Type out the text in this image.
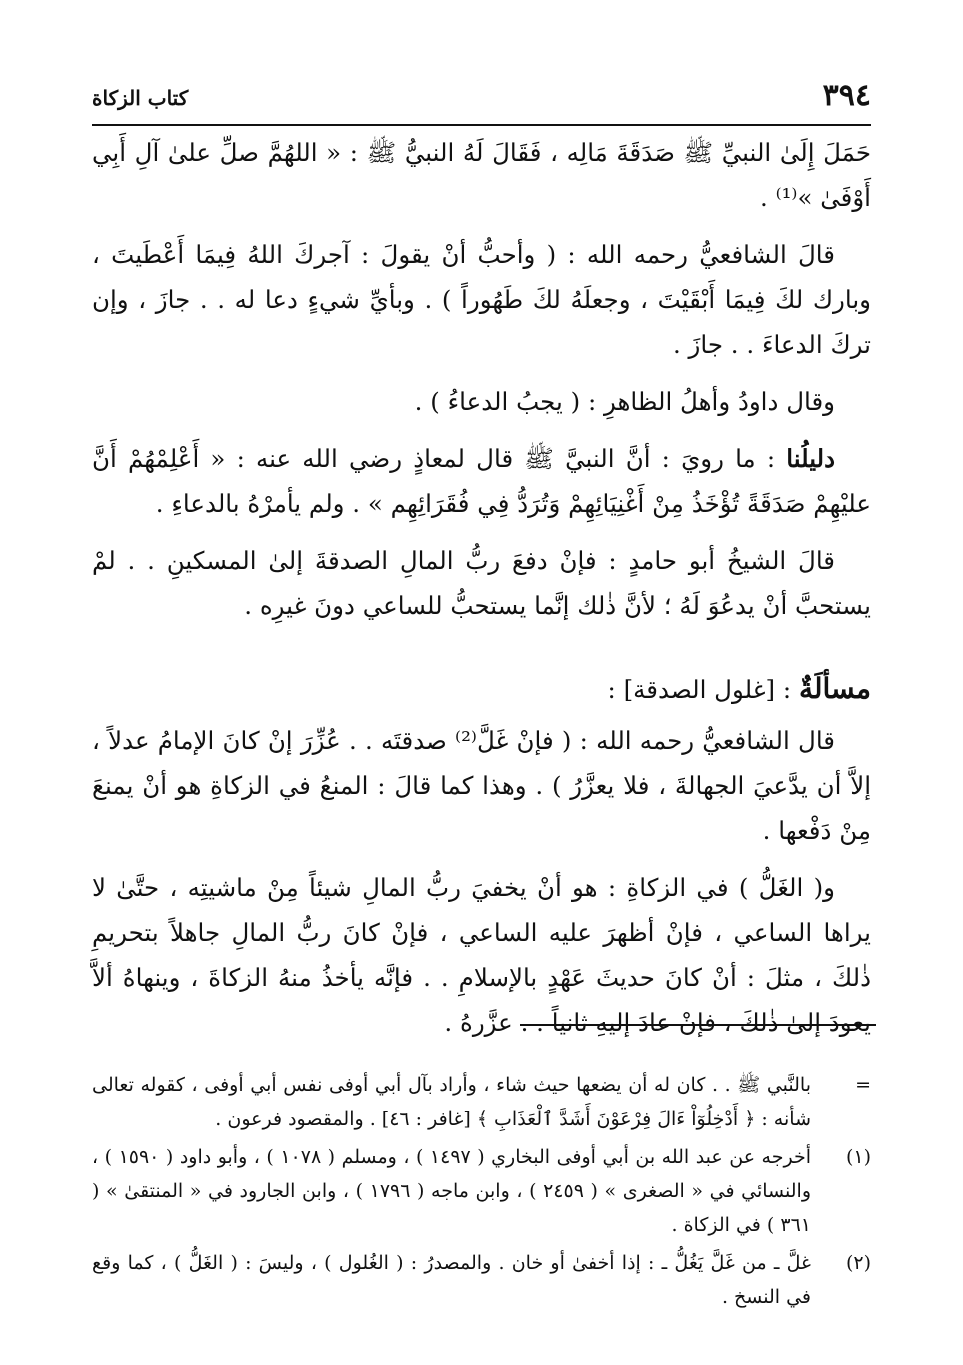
٣٩٤
كتاب الزكاة

حَمَلَ إِلَىٰ النبيِّ ﷺ صَدَقَةَ مَالِه ، فَقَالَ لَهُ النبيُّ ﷺ : « اللهُمَّ صلِّ علىٰ آلِ أَبِي أَوْفَىٰ »⁽¹⁾ .

قالَ الشافعيُّ رحمه الله : ( وأحبُّ أنْ يقولَ : آجركَ اللهُ فِيمَا أَعْطَيتَ ، وبارك لكَ فِيمَا أَبْقَيْتَ ، وجعلَهُ لكَ طَهُوراً ) . وبأيِّ شيءٍ دعا له . . جازَ ، وإن تركَ الدعاءَ . . جازَ .

وقال داودُ وأهلُ الظاهرِ : ( يجبُ الدعاءُ ) .

دليلُنا : ما رويَ : أنَّ النبيَّ ﷺ قال لمعاذٍ رضي الله عنه : « أَعْلِمْهُمْ أَنَّ عليْهِمْ صَدَقَةً تُؤْخَذُ مِنْ أَغْنِيَائِهِمْ وَتُرَدُّ فِي فُقَرَائِهِم » . ولم يأمرْهُ بالدعاءِ .

قالَ الشيخُ أبو حامدٍ : فإنْ دفعَ ربُّ المالِ الصدقةَ إلىٰ المسكينِ . . لمْ يستحبَّ أنْ يدعُوَ لَهُ ؛ لأنَّ ذٰلك إنَّما يستحبُّ للساعي دونَ غيرِه .

مسألَةٌ : [غلول الصدقة] :

قال الشافعيُّ رحمه الله : ( فإنْ غَلَّ⁽²⁾ صدقتَه . . عُزِّرَ إنْ كانَ الإمامُ عدلاً ، إلاَّ أن يدَّعيَ الجهالةَ ، فلا يعزَّرُ ) . وهذا كما قالَ : المنعُ في الزكاةِ هو أنْ يمنعَ مِنْ دَفْعها .

و( الغَلُّ ) في الزكاةِ : هو أنْ يخفيَ ربُّ المالِ شيئاً مِنْ ماشيتِه ، حتَّىٰ لا يراها الساعي ، فإنْ أظهرَ عليه الساعي ، فإنْ كانَ ربُّ المالِ جاهلاً بتحريمِ ذٰلكَ ، مثلَ : أنْ كانَ حديثَ عَهْدٍ بالإسلامِ . . فإنَّه يأخذُ منهُ الزكاةَ ، وينهاهُ ألاَّ يعودَ إلىٰ ذٰلكَ ، فإنْ عادَ إليهِ ثانياً . . عزَّرهُ .

=
بالنَّبي ﷺ . . كان له أن يضعها حيث شاء ، وأراد بآل أبي أوفى نفس أبي أوفى ، كقوله تعالى شأنه : ﴿ أَدْخِلُوٓاْ ءَالَ فِرْعَوْنَ أَشَدَّ ٱلْعَذَابِ ﴾ [غافر : ٤٦] . والمقصود فرعون .
(١)
أخرجه عن عبد الله بن أبي أوفى البخاري ( ١٤٩٧ ) ، ومسلم ( ١٠٧٨ ) ، وأبو داود ( ١٥٩٠ ) ، والنسائي في « الصغرى » ( ٢٤٥٩ ) ، وابن ماجه ( ١٧٩٦ ) ، وابن الجارود في « المنتقىٰ » ( ٣٦١ ) في الزكاة .
(٢)
غلَّ ـ من غَلَّ يَغُلُّ ـ : إذا أخفىٰ أو خان . والمصدرُ : ( الغُلول ) ، وليسَ : ( الغَلُّ ) ، كما وقع في النسخ .
